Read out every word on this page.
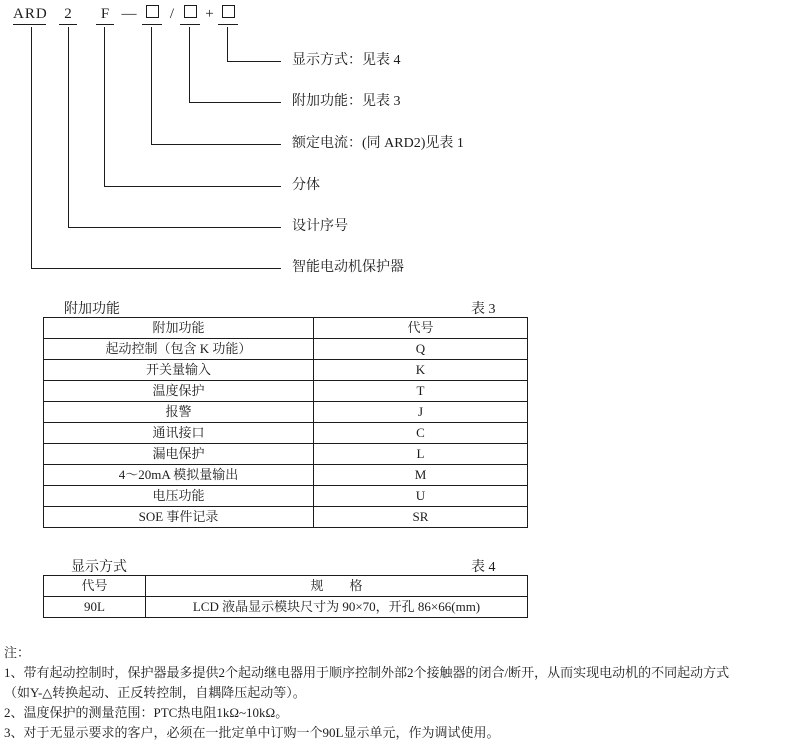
ARD	2	F — / +
显示方式：见表 4
附加功能：见表 3
额定电流：(同 ARD2)见表 1
分体
设计序号
智能电动机保护器
附加功能	表 3
附加功能	代号
起动控制（包含 K 功能）	Q
开关量输入	K
温度保护	T
报警	J
通讯接口	C
漏电保护	L
4～20mA 模拟量输出	M
电压功能	U
SOE 事件记录	SR
显示方式	表 4
代号	规　　格
90L	LCD 液晶显示模块尺寸为 90×70，开孔 86×66(mm)
注：
1、带有起动控制时，保护器最多提供2个起动继电器用于顺序控制外部2个接触器的闭合/断开，从而实现电动机的不同起动方式
（如Y-△转换起动、正反转控制，自耦降压起动等）。
2、温度保护的测量范围：PTC热电阻1kΩ~10kΩ。
3、对于无显示要求的客户，必须在一批定单中订购一个90L显示单元，作为调试使用。
